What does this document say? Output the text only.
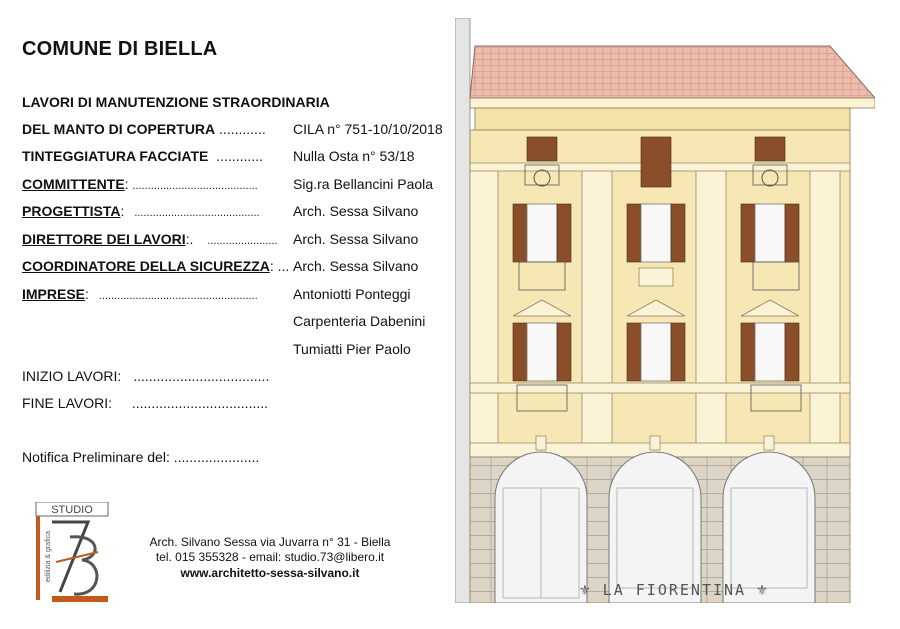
COMUNE DI BIELLA
LAVORI DI MANUTENZIONE STRAORDINARIA
DEL MANTO DI COPERTURA ............ CILA n° 751-10/10/2018
TINTEGGIATURA FACCIATE ............ Nulla Osta n° 53/18
COMMITTENTE: .........................................	Sig.ra Bellancini Paola
PROGETTISTA: ......................................... Arch. Sessa Silvano
DIRETTORE DEI LAVORI:. ....................... Arch. Sessa Silvano
COORDINATORE DELLA SICUREZZA: ... Arch. Sessa Silvano
IMPRESE: ....................................................	Antoniotti Ponteggi
Carpenteria Dabenini
Tumiatti Pier Paolo
INIZIO LAVORI: ...................................
FINE LAVORI: ...................................
Notifica Preliminare del: ......................
STUDIO
edilizia & grafica	Arch. Silvano Sessa via Juvarra n° 31 - Biella
tel. 015 355328 - email: studio.73@libero.it
www.architetto-sessa-silvano.it
⚜ LA FIORENTINA ⚜
